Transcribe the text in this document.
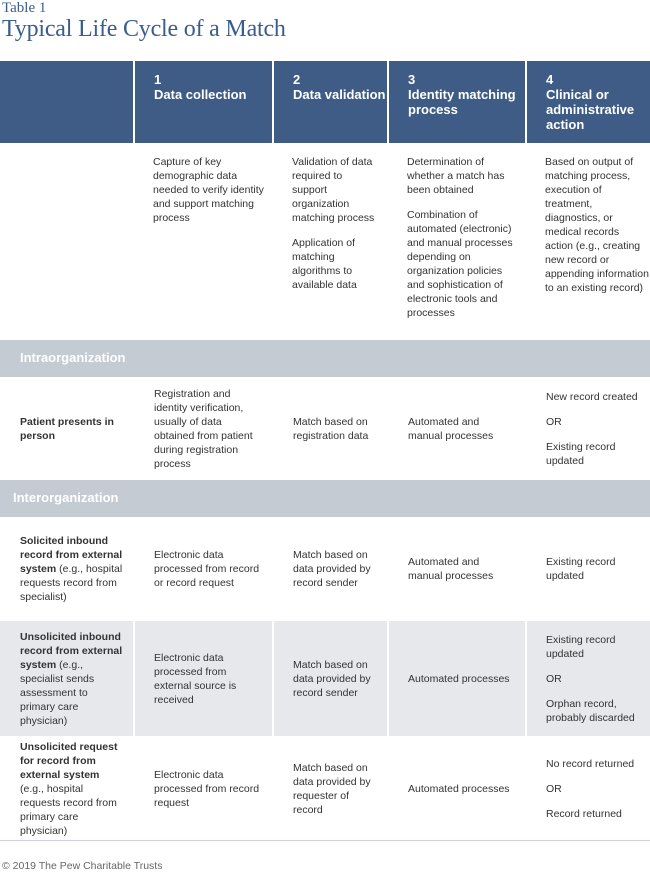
Table 1
Typical Life Cycle of a Match
1
Data collection
2
Data validation
3
Identity matching process
4
Clinical or administrative action

Capture of key demographic data needed to verify identity and support matching process

Validation of data required to support organization matching process

Application of matching algorithms to available data

Determination of whether a match has been obtained

Combination of automated (electronic) and manual processes depending on organization policies and sophistication of electronic tools and processes

Based on output of matching process, execution of treatment, diagnostics, or medical records action (e.g., creating new record or appending information to an existing record)

Intraorganization

Patient presents in person

Registration and identity verification, usually of data obtained from patient during registration process

Match based on registration data

Automated and manual processes

New record created

OR

Existing record updated

Interorganization

Solicited inbound record from external system (e.g., hospital requests record from specialist)

Electronic data processed from record or record request

Match based on data provided by record sender

Automated and manual processes

Existing record updated

Unsolicited inbound record from external system (e.g., specialist sends assessment to primary care physician)

Electronic data processed from external source is received

Match based on data provided by record sender

Automated processes

Existing record updated

OR

Orphan record, probably discarded

Unsolicited request for record from external system (e.g., hospital requests record from primary care physician)

Electronic data processed from record request

Match based on data provided by requester of record

Automated processes

No record returned

OR

Record returned

© 2019 The Pew Charitable Trusts
